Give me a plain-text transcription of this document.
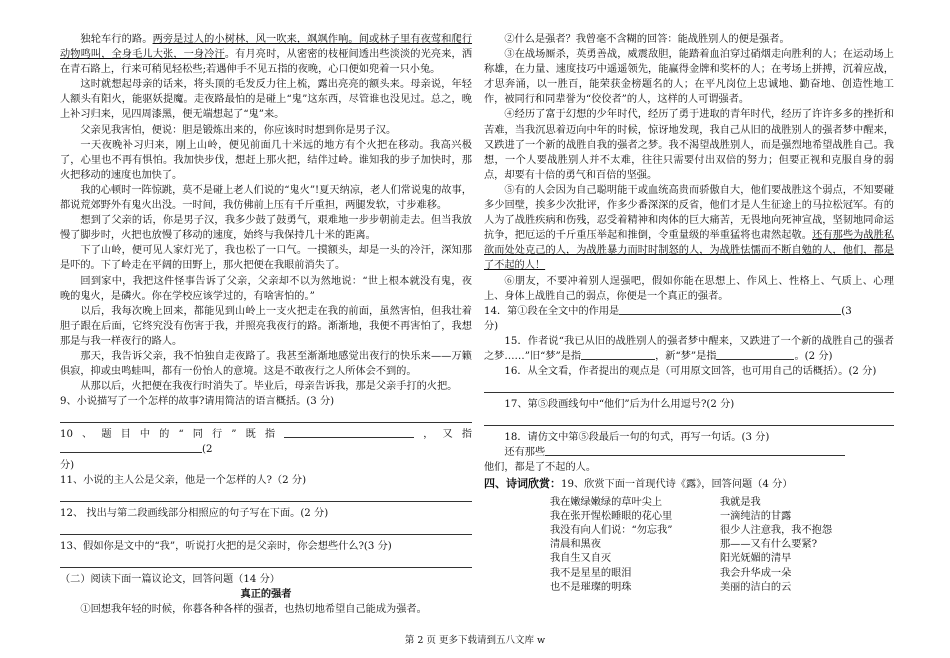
独轮车行的路。两旁是过人的小树林，风一吹来，飒飒作响。间或林子里有夜莺和爬行动物鸣叫，全身毛儿大张，一身冷汗。有月亮时，从密密的枝桠间透出些淡淡的光亮来，洒在青石路上，行来可稍见轻松些;若遇伸手不见五指的夜晚，心口便如兜着一只小兔。

这时就想起母亲的话来，将头顶的毛发反力往上梳，露出亮亮的额头来。母亲说，年轻人额头有阳火，能驱妖提魔。走夜路最怕的是碰上“鬼”这东西，尽管谁也没见过。总之，晚上补习归来，见四周漆黑，便无端想起了“鬼”来。

父亲见我害怕，便说：胆是锻炼出来的，你应该时时想到你是男子汉。

一天夜晚补习归来，刚上山岭，便见前面几十米远的地方有个火把在移动。我高兴极了，心里也不再有惧怕。我加快步伐，想赶上那火把，结伴过岭。谁知我的步子加快时，那火把移动的速度也加快了。

我的心顿时一阵惊跳，莫不是碰上老人们说的“鬼火”!夏天纳凉，老人们常说鬼的故事，都说荒郊野外有鬼火出没。一时间，我仿佛前上压有千斤重担，两腿发软，寸步难移。

想到了父亲的话，你是男子汉，我多少鼓了鼓勇气，艰难地一步步朝前走去。但当我放慢了脚步时，火把也放慢了移动的速度，始终与我保持几十米的距离。

下了山岭，便可见人家灯光了，我也松了一口气。一摸额头，却是一头的冷汗，深知那是吓的。下了岭走在平阔的田野上，那火把便在我眼前消失了。

回到家中，我把这件怪事告诉了父亲，父亲却不以为然地说：“世上根本就没有鬼，夜晚的鬼火，是磷火。你在学校应该学过的，有啥害怕的。”

以后，我每次晚上回来，都能见到山岭上一支火把走在我的前面，虽然害怕，但我壮着胆子跟在后面，它终究没有伤害于我，并照亮我夜行的路。渐渐地，我便不再害怕了，我想那是与我一样夜行的路人。

那天，我告诉父亲，我不怕独自走夜路了。我甚至渐渐地感觉出夜行的快乐来——万籁俱寂，抑或虫鸣蛙叫，都有一份怡人的意境。这是不敢夜行之人所体会不到的。

从那以后，火把便在我夜行时消失了。毕业后，母亲告诉我，那是父亲手打的火把。

9、小说描写了一个怎样的故事?请用简洁的语言概括。(3 分)

10、题目中的“同行”既指	，又指(2

分)

11、小说的主人公是父亲，他是一个怎样的人?（2 分)

12、 找出与第二段画线部分相照应的句子写在下面。(2 分)

13、假如你是文中的“我”，听说打火把的是父亲时，你会想些什么?(3 分)

（二）阅读下面一篇议论文，回答问题（14 分）

真正的强者

①回想我年轻的时候，你暮各种各样的强者，也热切地希望自己能成为强者。

②什么是强者？我曾毫不含糊的回答：能战胜别人的便是强者。

③在战场厮杀，英勇善战，威震敌胆，能踏着血泊穿过硝烟走向胜利的人；在运动场上称雄，在力量、速度技巧中遥遥领先，能赢得金牌和奖杯的人；在考场上拼搏，沉着应战，才思奔涌，以一胜百，能荣获金榜题名的人；在平凡岗位上忠诚地、勤奋地、创造性地工作，被同行和同辈誉为“佼佼者”的人，这样的人可谓强者。

④经历了富于幻想的少年时代，经历了勇于进取的青年时代，经历了许许多多的挫折和苦难，当我沉思着迈向中年的时候，惊讶地发现，我自己从旧的战胜别人的强者梦中醒来，又跌进了一个新的战胜自我的强者之梦。我不渴望战胜别人，而是强烈地希望战胜自己。我想，一个人要战胜别人并不太难，往往只需要付出双倍的努力；但要正视和克服自身的弱点，却要有十倍的勇气和百倍的坚强。

⑤有的人会因为自己聪明能干或血统高贵而骄傲自大，他们要战胜这个弱点，不知要碰多少回壁，挨多少次批评，作多少番深深的反省，他们才是人生征途上的马拉松冠军。有的人为了战胜疾病和伤残，忍受着精神和肉体的巨大痛苦，无畏地向死神宣战，坚韧地同命运抗争，把厄运的千斤重压举起和推倒，令重量级的举重猛将也肃然起敬。还有那些为战胜私欲而处处克己的人，为战胜暴力而时时制怒的人，为战胜怯懦而不断自勉的人，他们，都是了不起的人！

⑥朋友，不要冲着别人逞强吧，假如你能在思想上、作风上、性格上、气质上、心理上、身体上战胜自己的弱点，你便是一个真正的强者。

14．第①段在全文中的作用是	(3

分)

15．作者说“我已从旧的战胜别人的强者梦中醒来，又跌进了一个新的战胜自己的强者之梦……”旧“梦”是指	，新“梦”是指	。(2 分)

16．从全文看，作者提出的观点是（可用原文回答，也可用自己的话概括）。(2 分)

17、第⑤段画线句中“他们”后为什么用逗号?(2 分)

18．请仿文中第⑤段最后一句的句式，再写一句话。(3 分)

还有那些

他们，都是了不起的人。

四、诗词欣赏：19、欣赏下面一首现代诗《露》，回答问题（4 分）

我在嫩绿嫩绿的草叶尖上

我在张开惺松睡眼的花心里

我没有向人们说：“勿忘我”

清晨和黑夜

我自生又自灭

我不是星星的眼泪

也不是璀璨的明珠

我就是我

一滴纯洁的甘露

很少人注意我，我不抱怨

那——又有什么要紧?

阳光妩媚的清早

我会升华成一朵

美丽的洁白的云

第 2 页 更多下载请到五八文库 w
